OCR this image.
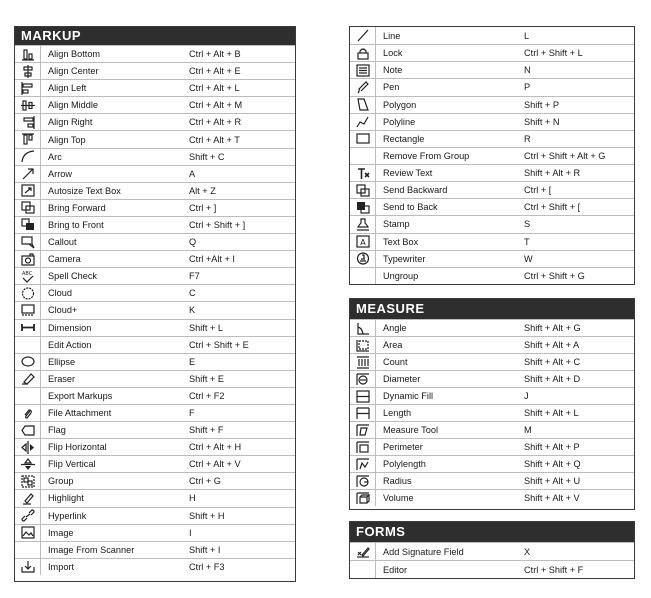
MARKUP
Align Bottom	Ctrl + Alt + B
Align Center	Ctrl + Alt + E
Align Left	Ctrl + Alt + L
Align Middle	Ctrl + Alt + M
Align Right	Ctrl + Alt + R
Align Top	Ctrl + Alt + T
Arc	Shift + C
Arrow	A
Autosize Text Box	Alt + Z
Bring Forward	Ctrl + ]
Bring to Front	Ctrl + Shift + ]
Callout	Q
Camera	Ctrl +Alt + I
ABC	Spell Check	F7
Cloud	C
Cloud+	K
Dimension	Shift + L
Edit Action	Ctrl + Shift + E
Ellipse	E
Eraser	Shift + E
Export Markups	Ctrl + F2
File Attachment	F
Flag	Shift + F
Flip Horizontal	Ctrl + Alt + H
Flip Vertical	Ctrl + Alt + V
Group	Ctrl + G
Highlight	H
Hyperlink	Shift + H
Image	I
Image From Scanner	Shift + I
Import	Ctrl + F3
Line	L
Lock	Ctrl + Shift + L
Note	N
Pen	P
Polygon	Shift + P
Polyline	Shift + N
Rectangle	R
Remove From Group	Ctrl + Shift + Alt + G
Review Text	Shift + Alt + R
Send Backward	Ctrl + [
Send to Back	Ctrl + Shift + [
Stamp	S
A	Text Box	T
Typewriter	W
Ungroup	Ctrl + Shift + G
MEASURE
Angle	Shift + Alt + G
Area	Shift + Alt + A
Count	Shift + Alt + C
Diameter	Shift + Alt + D
Dynamic Fill	J
Length	Shift + Alt + L
Measure Tool	M
Perimeter	Shift + Alt + P
Polylength	Shift + Alt + Q
Radius	Shift + Alt + U
Volume	Shift + Alt + V
FORMS
Add Signature Field	X
Editor	Ctrl + Shift + F
